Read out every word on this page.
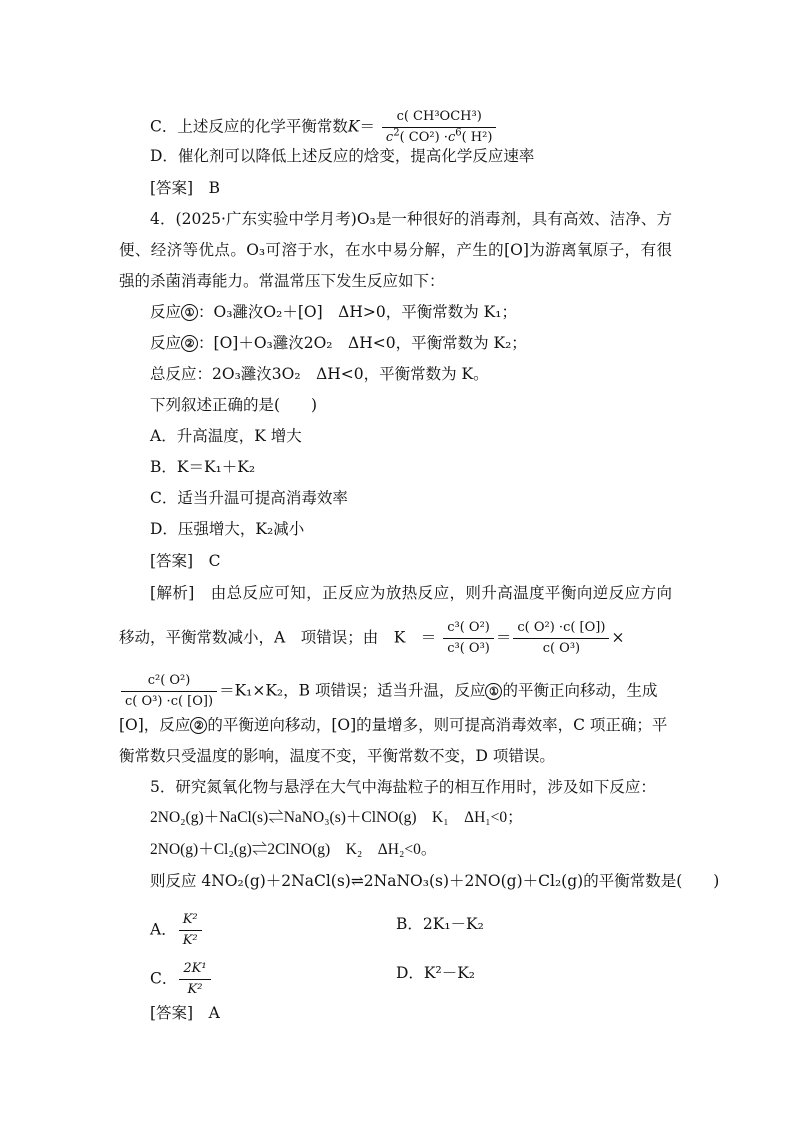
C．上述反应的化学平衡常数$K= \frac{\text{c( CH³OCH³)}}{c^2( CO^2) \cdot c^6( H^2)}$
D．催化剂可以降低上述反应的焓变，提高化学反应速率
[答案]　 B
4．(2025·广东实验中学月考)O₃是一种很好的消毒剂，具有高效、洁净、方
便、经济等优点。O₃可溶于水，在水中易分解，产生的[O]为游离氧原子，有很
强的杀菌消毒能力。常温常压下发生反应如下：
反应 ① ：O₃灉㳊O₂＋[O]　ΔH>0，平衡常数为 K₁；
反应 ② ：[O]＋O₃灉㳊2O₂　ΔH<0，平衡常数为 K₂；
总反应：2O₃灉㳊3O₂　ΔH<0，平衡常数为 K。
下列叙述正确的是(　　)
A．升高温度，K 增大
B．K＝K₁＋K₂
C．适当升温可提高消毒效率
D．压强增大，K₂减小
[答案]　 C
[解析]　由总反应可知，正反应为放热反应，则升高温度平衡向逆反应方向
移动，平衡常数减小，A　项错误；由　K　＝ $\frac{\text{c³( O²)}}{\text{c³( O³)}} = \frac{\text{c( O²) ·c( [O])}}{\text{c( O³)}}$ ×
$\frac{\text{c²( O²)}}{\text{c( O³) ·c( [O])}} =K_1\times K_2$，B 项错误；适当升温，反应 ① 的平衡正向移动，生成
[O]，反应 ② 的平衡逆向移动，[O]的量增多，则可提高消毒效率，C 项正确；平
衡常数只受温度的影响，温度不变，平衡常数不变，D 项错误。
5．研究氮氧化物与悬浮在大气中海盐粒子的相互作用时，涉及如下反应：
2NO₂(g)＋NaCl(s)⇌NaNO₃(s)＋ClNO(g)　K₁　ΔH₁<0；
2NO(g)＋Cl₂(g)⇌2ClNO(g)　K₂　ΔH₂<0。
则反应 4NO₂(g)＋2NaCl(s)⇌2NaNO₃(s)＋2NO(g)＋Cl₂(g)的平衡常数是(　　)
A． $\frac{\text{K²}}{\text{K²}}$	B．2K₁－K₂
C． $\frac{\text{2K¹}}{\text{K²}}$	D．K²－K₂
[答案]　 A
